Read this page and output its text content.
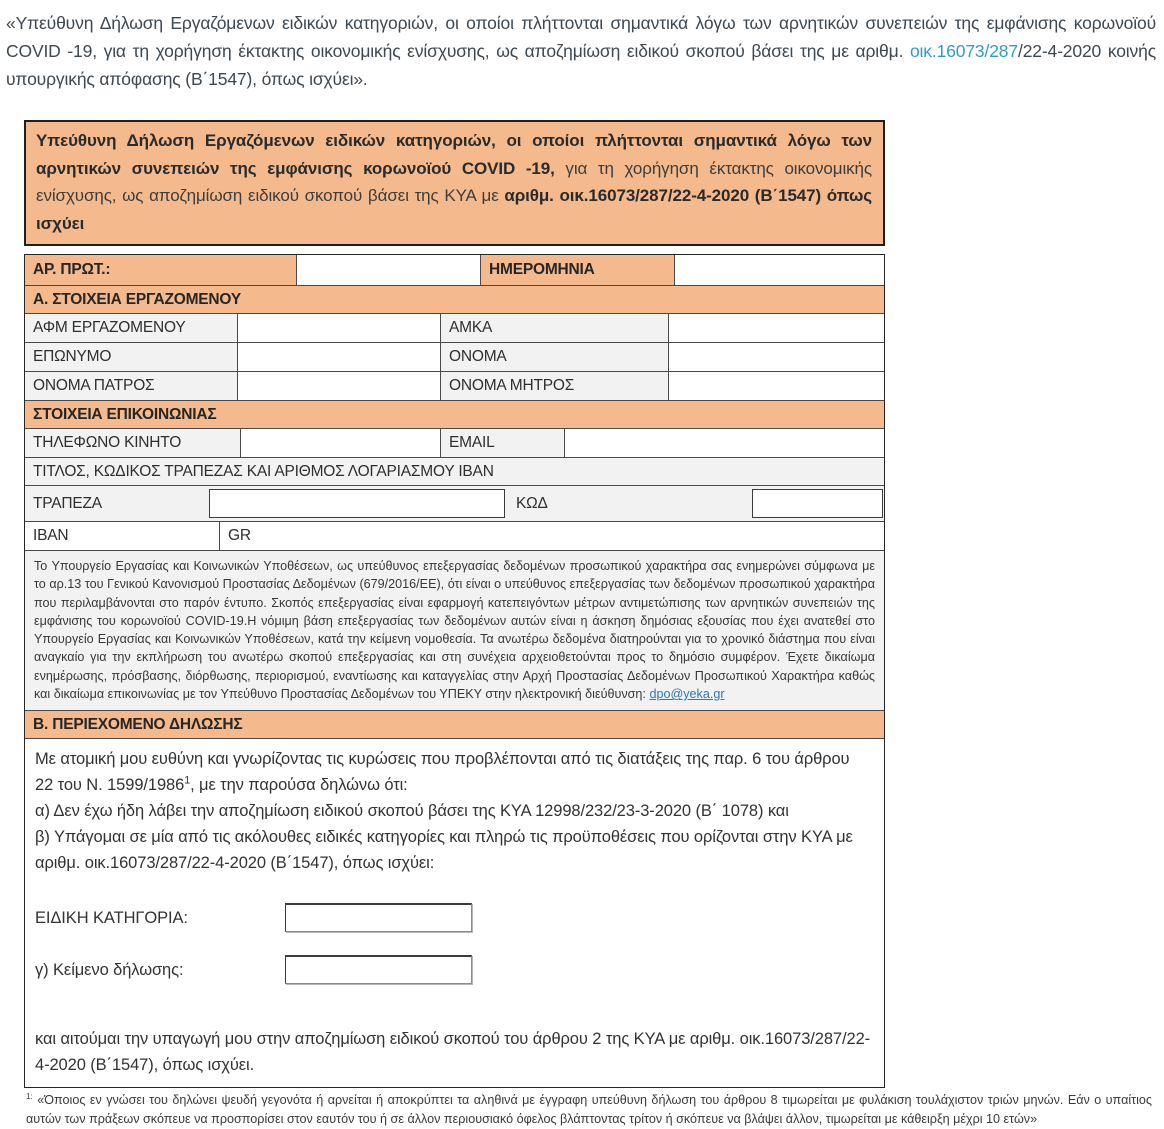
«Υπεύθυνη Δήλωση Εργαζόμενων ειδικών κατηγοριών, οι οποίοι πλήττονται σημαντικά λόγω των αρνητικών συνεπειών της εμφάνισης κορωνοϊού COVID -19, για τη χορήγηση έκτακτης οικονομικής ενίσχυσης, ως αποζημίωση ειδικού σκοπού βάσει της με αριθμ. οικ.16073/287/22-4-2020 κοινής υπουργικής απόφασης (Β΄1547), όπως ισχύει».

Υπεύθυνη Δήλωση Εργαζόμενων ειδικών κατηγοριών, οι οποίοι πλήττονται σημαντικά λόγω των αρνητικών συνεπειών της εμφάνισης κορωνοϊού COVID -19, για τη χορήγηση έκτακτης οικονομικής ενίσχυσης, ως αποζημίωση ειδικού σκοπού βάσει της ΚΥΑ με αριθμ. οικ.16073/287/22-4-2020 (Β΄1547) όπως ισχύει
ΑΡ. ΠΡΩΤ.:	ΗΜΕΡΟΜΗΝΙΑ
Α. ΣΤΟΙΧΕΙΑ ΕΡΓΑΖΟΜΕΝΟΥ
ΑΦΜ ΕΡΓΑΖΟΜΕΝΟΥ	ΑΜΚΑ
ΕΠΩΝΥΜΟ	ΟΝΟΜΑ
ΟΝΟΜΑ ΠΑΤΡΟΣ	ΟΝΟΜΑ ΜΗΤΡΟΣ
ΣΤΟΙΧΕΙΑ ΕΠΙΚΟΙΝΩΝΙΑΣ
ΤΗΛΕΦΩΝΟ ΚΙΝΗΤΟ	EMAIL
ΤΙΤΛΟΣ, ΚΩΔΙΚΟΣ ΤΡΑΠΕΖΑΣ ΚΑΙ ΑΡΙΘΜΟΣ ΛΟΓΑΡΙΑΣΜΟΥ IBAN
ΤΡΑΠΕΖΑ	ΚΩΔ
IBAN	GR
Το Υπουργείο Εργασίας και Κοινωνικών Υποθέσεων, ως υπεύθυνος επεξεργασίας δεδομένων προσωπικού χαρακτήρα σας ενημερώνει σύμφωνα με το αρ.13 του Γενικού Κανονισμού Προστασίας Δεδομένων (679/2016/ΕΕ), ότι είναι ο υπεύθυνος επεξεργασίας των δεδομένων προσωπικού χαρακτήρα που περιλαμβάνονται στο παρόν έντυπο. Σκοπός επεξεργασίας είναι εφαρμογή κατεπειγόντων μέτρων αντιμετώπισης των αρνητικών συνεπειών της εμφάνισης του κορωνοϊού COVID-19.Η νόμιμη βάση επεξεργασίας των δεδομένων αυτών είναι η άσκηση δημόσιας εξουσίας που έχει ανατεθεί στο Υπουργείο Εργασίας και Κοινωνικών Υποθέσεων, κατά την κείμενη νομοθεσία. Τα ανωτέρω δεδομένα διατηρούνται για το χρονικό διάστημα που είναι αναγκαίο για την εκπλήρωση του ανωτέρω σκοπού επεξεργασίας και στη συνέχεια αρχειοθετούνται προς το δημόσιο συμφέρον. Έχετε δικαίωμα ενημέρωσης, πρόσβασης, διόρθωσης, περιορισμού, εναντίωσης και καταγγελίας στην Αρχή Προστασίας Δεδομένων Προσωπικού Χαρακτήρα καθώς και δικαίωμα επικοινωνίας με τον Υπεύθυνο Προστασίας Δεδομένων του ΥΠΕΚΥ στην ηλεκτρονική διεύθυνση: dpo@yeka.gr
Β. ΠΕΡΙΕΧΟΜΕΝΟ ΔΗΛΩΣΗΣ

Με ατομική μου ευθύνη και γνωρίζοντας τις κυρώσεις που προβλέπονται από τις διατάξεις της παρ. 6 του άρθρου 22 του Ν. 1599/1986$^1$, με την παρούσα δηλώνω ότι:

α) Δεν έχω ήδη λάβει την αποζημίωση ειδικού σκοπού βάσει της ΚΥΑ 12998/232/23-3-2020 (Β΄ 1078) και

β) Υπάγομαι σε μία από τις ακόλουθες ειδικές κατηγορίες και πληρώ τις προϋποθέσεις που ορίζονται στην ΚΥΑ με αριθμ. οικ.16073/287/22-4-2020 (Β΄1547), όπως ισχύει:

ΕΙΔΙΚΗ ΚΑΤΗΓΟΡΙΑ:
γ) Κείμενο δήλωσης:

και αιτούμαι την υπαγωγή μου στην αποζημίωση ειδικού σκοπού του άρθρου 2 της ΚΥΑ με αριθμ. οικ.16073/287/22-4-2020 (Β΄1547), όπως ισχύει.

$^{1:}$ «Όποιος εν γνώσει του δηλώνει ψευδή γεγονότα ή αρνείται ή αποκρύπτει τα αληθινά με έγγραφη υπεύθυνη δήλωση του άρθρου 8 τιμωρείται με φυλάκιση τουλάχιστον τριών μηνών. Εάν ο υπαίτιος αυτών των πράξεων σκόπευε να προσπορίσει στον εαυτόν του ή σε άλλον περιουσιακό όφελος βλάπτοντας τρίτον ή σκόπευε να βλάψει άλλον, τιμωρείται με κάθειρξη μέχρι 10 ετών»
